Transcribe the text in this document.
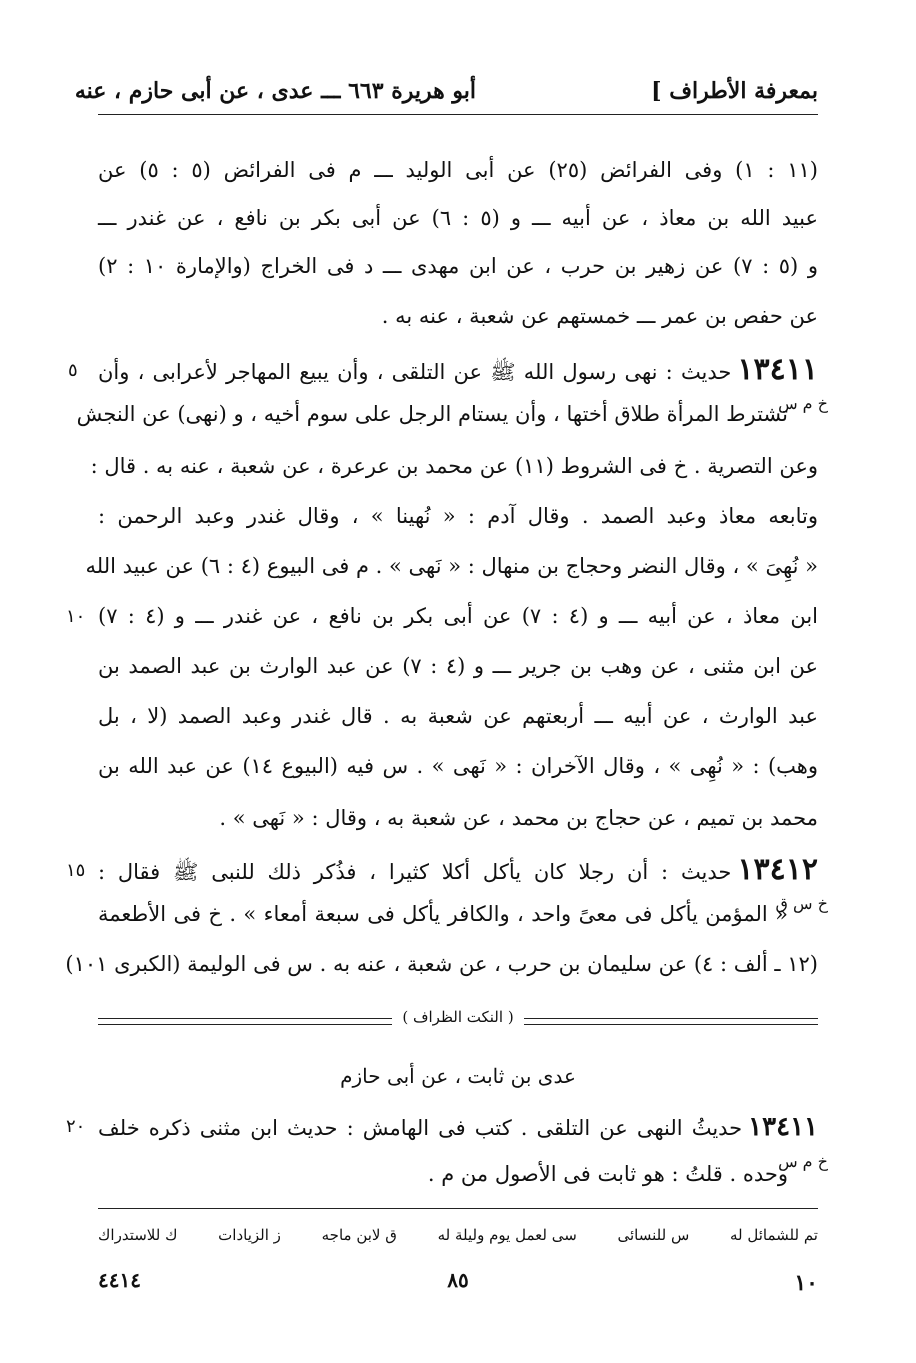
بمعرفة الأطراف ]
أبو هريرة ٦٦٣ ـــ عدى ، عن أبى حازم ، عنه
(١١ : ١) وفى الفرائض (٢٥) عن أبى الوليد ـــ م فى الفرائض (٥ : ٥) عن
عبيد الله بن معاذ ، عن أبيه ـــ و (٥ : ٦) عن أبى بكر بن نافع ، عن غندر ـــ
و (٥ : ٧) عن زهير بن حرب ، عن ابن مهدى ـــ د فى الخراج (والإمارة ١٠ : ٢)
عن حفص بن عمر ـــ خمستهم عن شعبة ، عنه به .
٥
خ م س
١٣٤١١حديث : نهى رسول الله ﷺ عن التلقى ، وأن يبيع المهاجر لأعرابى ، وأن
تشترط المرأة طلاق أختها ، وأن يستام الرجل على سوم أخيه ، و (نهى) عن النجش
وعن التصرية . خ فى الشروط (١١) عن محمد بن عرعرة ، عن شعبة ، عنه به . قال :
وتابعه معاذ وعبد الصمد . وقال آدم : « نُهينا » ، وقال غندر وعبد الرحمن :
« نُهِىَ » ، وقال النضر وحجاج بن منهال : « نَهى » . م فى البيوع (٤ : ٦) عن عبيد الله
١٠ ابن معاذ ، عن أبيه ـــ و (٤ : ٧) عن أبى بكر بن نافع ، عن غندر ـــ و (٤ : ٧)
عن ابن مثنى ، عن وهب بن جرير ـــ و (٤ : ٧) عن عبد الوارث بن عبد الصمد بن
عبد الوارث ، عن أبيه ـــ أربعتهم عن شعبة به . قال غندر وعبد الصمد (لا ، بل
وهب) : « نُهِى » ، وقال الآخران : « نَهى » . س فيه (البيوع ١٤) عن عبد الله بن
محمد بن تميم ، عن حجاج بن محمد ، عن شعبة به ، وقال : « نَهى » .
١٥
خ س ق
١٣٤١٢حديث : أن رجلا كان يأكل أكلا كثيرا ، فذُكر ذلك للنبى ﷺ فقال :
« المؤمن يأكل فى معىً واحد ، والكافر يأكل فى سبعة أمعاء » . خ فى الأطعمة
(١٢ ـ ألف : ٤) عن سليمان بن حرب ، عن شعبة ، عنه به . س فى الوليمة (الكبرى ١٠١)
( النكت الظراف )
عدى بن ثابت ، عن أبى حازم
٢٠
خ م س
١٣٤١١حديثُ النهى عن التلقى . كتب فى الهامش : حديث ابن مثنى ذكره خلف
وحده . قلتُ : هو ثابت فى الأصول من م .
تم للشمائل له
س للنسائى
سى لعمل يوم وليلة له
ق لابن ماجه
ز الزيادات
ك للاستدراك
٤٤١٤	٨٥	١٠
